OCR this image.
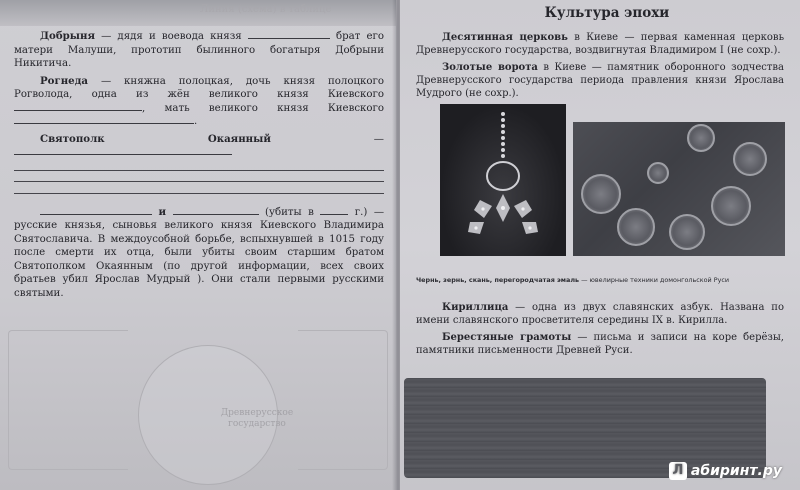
Линия (схема) в таблице

Добрыня — дядя и воевода князя	брат его матери Малуши, прототип былинного богатыря Добрыни Никитича.

Рогнеда — княжна полоцкая, дочь князя полоцкого Рогволода, одна из жён великого князя Киевского , мать великого князя Киевского .

Святополк Окаянный —

и	(убиты в	г.) — русские князья, сыновья великого князя Киевского Владимира Святославича. В междоусобной борьбе, вспыхнувшей в 1015 году после смерти их отца, были убиты своим старшим братом Святополком Окаянным (по другой информации, всех своих братьев убил Ярослав Мудрый ). Они стали первыми русскими святыми.

Древнерусское государство
Культура эпохи

Десятинная церковь в Киеве — первая каменная церковь Древнерусского государства, воздвигнутая Владимиром I (не сохр.).

Золотые ворота в Киеве — памятник оборонного зодчества Древнерусского государства периода правления князи Ярослава Мудрого (не сохр.).

Чернь, зернь, скань, перегородчатая эмаль — ювелирные техники домонгольской Руси

Кириллица — одна из двух славянских азбук. Названа по имени славянского просветителя середины IX в. Кирилла.

Берестяные грамоты — письма и записи на коре берёзы, памятники письменности Древней Руси.

Л абиринт.ру
